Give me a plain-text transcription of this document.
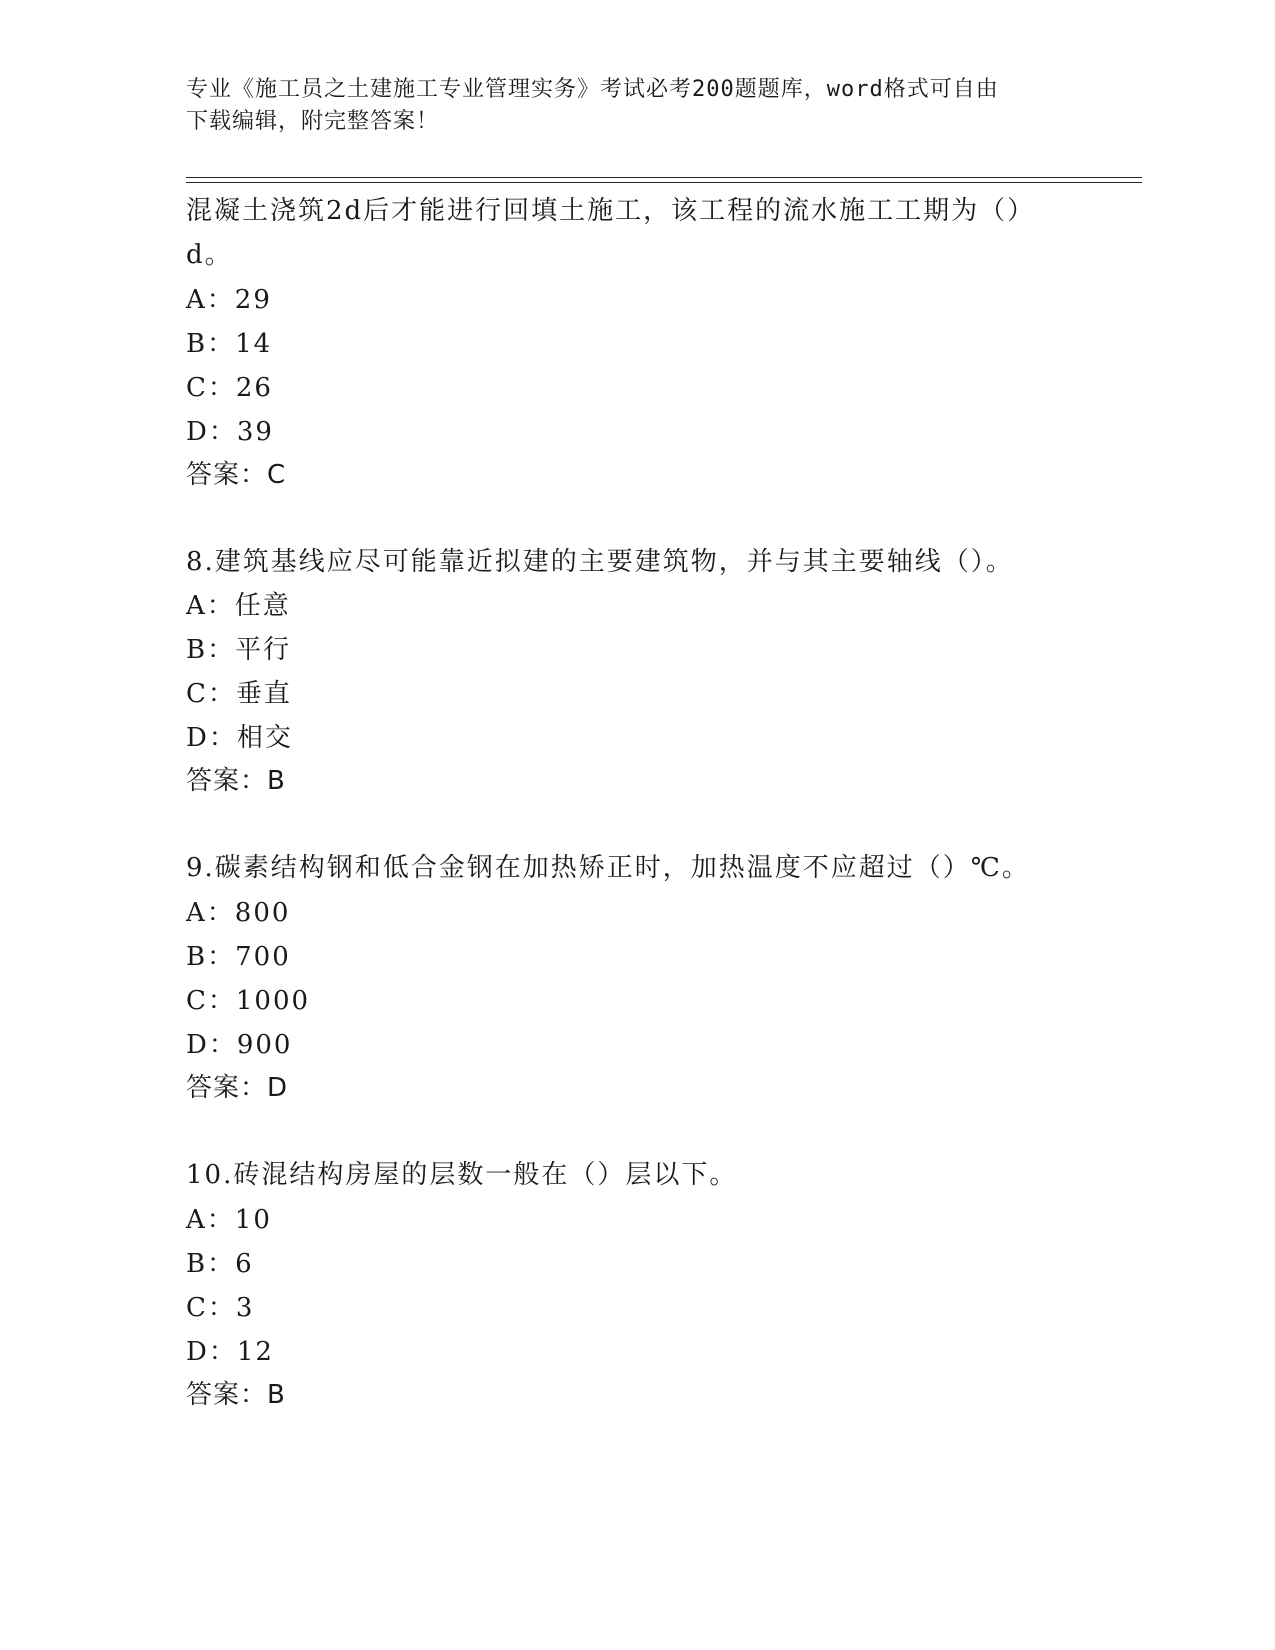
专业《施工员之土建施工专业管理实务》考试必考200题题库，word格式可自由
下载编辑，附完整答案！
混凝土浇筑2d后才能进行回填土施工，该工程的流水施工工期为（）
d。
A：29
B：14
C：26
D：39
答案：C
8.建筑基线应尽可能靠近拟建的主要建筑物，并与其主要轴线（）。
A：任意
B：平行
C：垂直
D：相交
答案：B
9.碳素结构钢和低合金钢在加热矫正时，加热温度不应超过（）℃。
A：800
B：700
C：1000
D：900
答案：D
10.砖混结构房屋的层数一般在（）层以下。
A：10
B：6
C：3
D：12
答案：B
